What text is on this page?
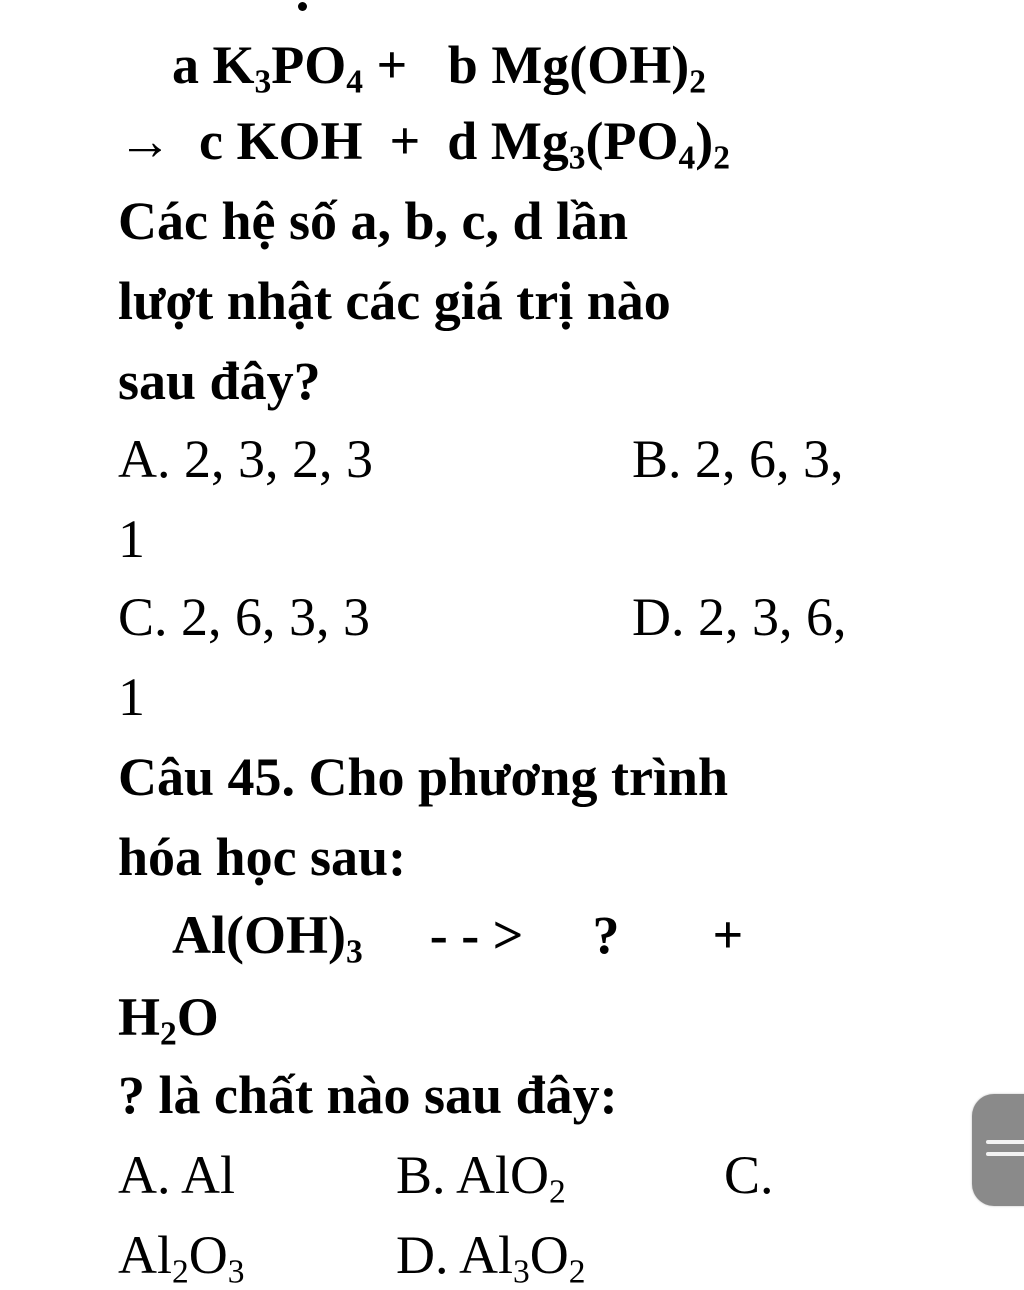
a $K_3PO_4 + b$ $Mg(OH)_2$
→ c KOH + d $Mg_3(PO_4)_2$
Các hệ số a, b, c, d lần
lượt nhật các giá trị nào
sau đây?
A. 2, 3, 2, 3	B. 2, 6, 3,
1
C. 2, 6, 3, 3	D. 2, 3, 6,
1
Câu 45. Cho phương trình
hóa học sau:
$Al(OH)_3$ - - > ? +
$H_2O$
? là chất nào sau đây:
A. Al	B. AlO$_2$	C.
$Al_2O_3$	D. $Al_3O_2$
